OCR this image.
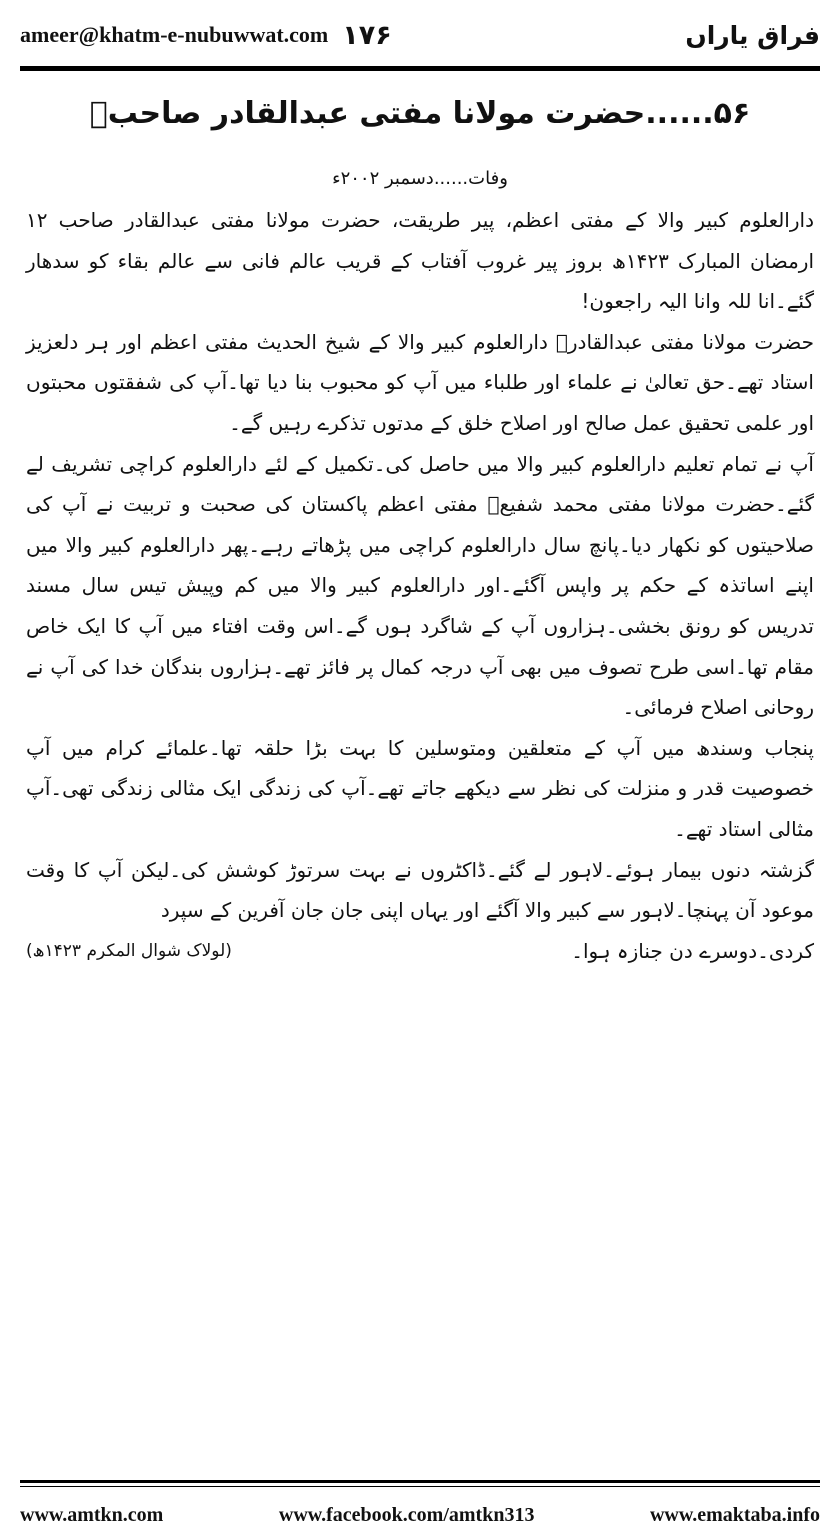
ameer@khatm-e-nubuwwat.com ۱۷۶	فراق یاراں
۵۶......حضرت مولانا مفتی عبدالقادر صاحبؒ
وفات......دسمبر ۲۰۰۲ء

دارالعلوم کبیر والا کے مفتی اعظم، پیر طریقت، حضرت مولانا مفتی عبدالقادر صاحب ۱۲ ارمضان المبارک ۱۴۲۳ھ بروز پیر غروب آفتاب کے قریب عالم فانی سے عالم بقاء کو سدھار گئے۔انا للہ وانا الیہ راجعون!

حضرت مولانا مفتی عبدالقادرؒ دارالعلوم کبیر والا کے شیخ الحدیث مفتی اعظم اور ہر دلعزیز استاد تھے۔حق تعالیٰ نے علماء اور طلباء میں آپ کو محبوب بنا دیا تھا۔آپ کی شفقتوں محبتوں اور علمی تحقیق عمل صالح اور اصلاح خلق کے مدتوں تذکرے رہیں گے۔

آپ نے تمام تعلیم دارالعلوم کبیر والا میں حاصل کی۔تکمیل کے لئے دارالعلوم کراچی تشریف لے گئے۔حضرت مولانا مفتی محمد شفیعؒ مفتی اعظم پاکستان کی صحبت و تربیت نے آپ کی صلاحیتوں کو نکھار دیا۔پانچ سال دارالعلوم کراچی میں پڑھاتے رہے۔پھر دارالعلوم کبیر والا میں اپنے اساتذہ کے حکم پر واپس آگئے۔اور دارالعلوم کبیر والا میں کم وپیش تیس سال مسند تدریس کو رونق بخشی۔ہزاروں آپ کے شاگرد ہوں گے۔اس وقت افتاء میں آپ کا ایک خاص مقام تھا۔اسی طرح تصوف میں بھی آپ درجہ کمال پر فائز تھے۔ہزاروں بندگان خدا کی آپ نے روحانی اصلاح فرمائی۔

پنجاب وسندھ میں آپ کے متعلقین ومتوسلین کا بہت بڑا حلقہ تھا۔علمائے کرام میں آپ خصوصیت قدر و منزلت کی نظر سے دیکھے جاتے تھے۔آپ کی زندگی ایک مثالی زندگی تھی۔آپ مثالی استاد تھے۔

گزشتہ دنوں بیمار ہوئے۔لاہور لے گئے۔ڈاکٹروں نے بہت سرتوڑ کوشش کی۔لیکن آپ کا وقت موعود آن پہنچا۔لاہور سے کبیر والا آگئے اور یہاں اپنی جان جان آفرین کے سپرد

کردی۔دوسرے دن جنازہ ہوا۔
(لولاک شوال المکرم ۱۴۲۳ھ)
www.amtkn.com	www.facebook.com/amtkn313	www.emaktaba.info
